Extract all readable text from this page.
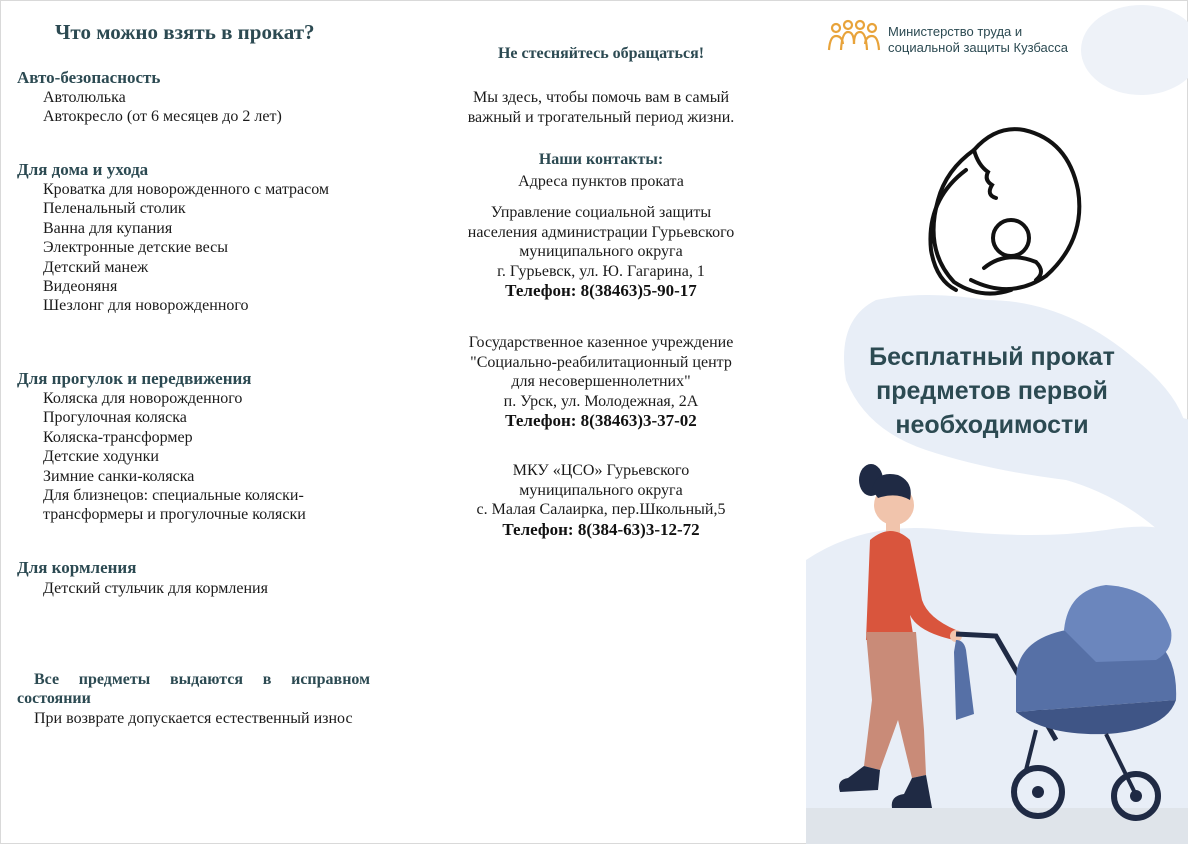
Что можно взять в прокат?
Авто-безопасность
Автолюлька
Автокресло (от 6 месяцев до 2 лет)
Для дома и ухода
Кроватка для новорожденного с матрасом
Пеленальный столик
Ванна для купания
Электронные детские весы
Детский манеж
Видеоняня
Шезлонг для новорожденного
Для прогулок и передвижения
Коляска для новорожденного
Прогулочная коляска
Коляска-трансформер
Детские ходунки
Зимние санки-коляска
Для близнецов: специальные коляски-трансформеры и прогулочные коляски
Для кормления
Детский стульчик для кормления
Все предметы выдаются в исправном состоянии
При возврате допускается естественный износ
Не стесняйтесь обращаться!
Мы здесь, чтобы помочь вам в самый
важный и трогательный период жизни.
Наши контакты:
Адреса пунктов проката
Управление социальной защиты
населения администрации Гурьевского
муниципального округа
г. Гурьевск, ул. Ю. Гагарина, 1
Телефон: 8(38463)5-90-17
Государственное казенное учреждение
"Социально-реабилитационный центр
для несовершеннолетних"
п. Урск, ул. Молодежная, 2А
Телефон: 8(38463)3-37-02
МКУ «ЦСО» Гурьевского
муниципального округа
с. Малая Салаирка, пер.Школьный,5
Телефон: 8(384-63)3-12-72
Министерство труда и
социальной защиты Кузбасса
Бесплатный прокат
предметов первой
необходимости
